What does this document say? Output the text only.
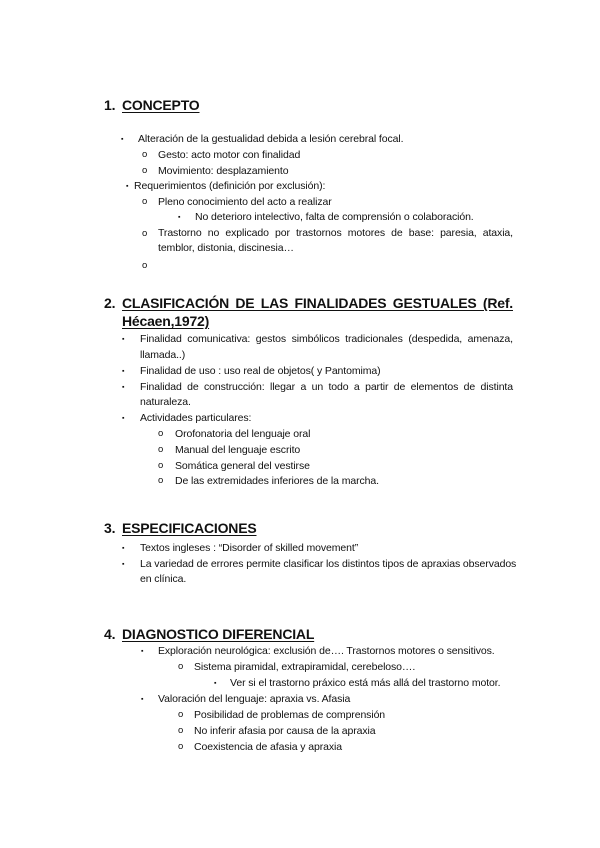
1. CONCEPTO
▪ Alteración de la gestualidad debida a lesión cerebral focal.
o Gesto: acto motor con finalidad
o Movimiento: desplazamiento
▪ Requerimientos (definición por exclusión):
o Pleno conocimiento del acto a realizar
▪ No deterioro intelectivo, falta de comprensión o colaboración.
o Trastorno no explicado por trastornos motores de base: paresia, ataxia,
temblor, distonia, discinesia…
o
2. CLASIFICACIÓN DE LAS FINALIDADES GESTUALES (Ref.
Hécaen,1972)
▪ Finalidad comunicativa: gestos simbólicos tradicionales (despedida, amenaza,
llamada..)
▪ Finalidad de uso : uso real de objetos( y Pantomima)
▪ Finalidad de construcción: llegar a un todo a partir de elementos de distinta
naturaleza.
▪ Actividades particulares:
o Orofonatoria del lenguaje oral
o Manual del lenguaje escrito
o Somática general del vestirse
o De las extremidades inferiores de la marcha.
3. ESPECIFICACIONES
▪ Textos ingleses : “Disorder of skilled movement”
▪ La variedad de errores permite clasificar los distintos tipos de apraxias observados
en clínica.
4. DIAGNOSTICO DIFERENCIAL
▪ Exploración neurológica: exclusión de…. Trastornos motores o sensitivos.
o Sistema piramidal, extrapiramidal, cerebeloso….
▪ Ver si el trastorno práxico está más allá del trastorno motor.
▪ Valoración del lenguaje: apraxia vs. Afasia
o Posibilidad de problemas de comprensión
o No inferir afasia por causa de la apraxia
o Coexistencia de afasia y apraxia
